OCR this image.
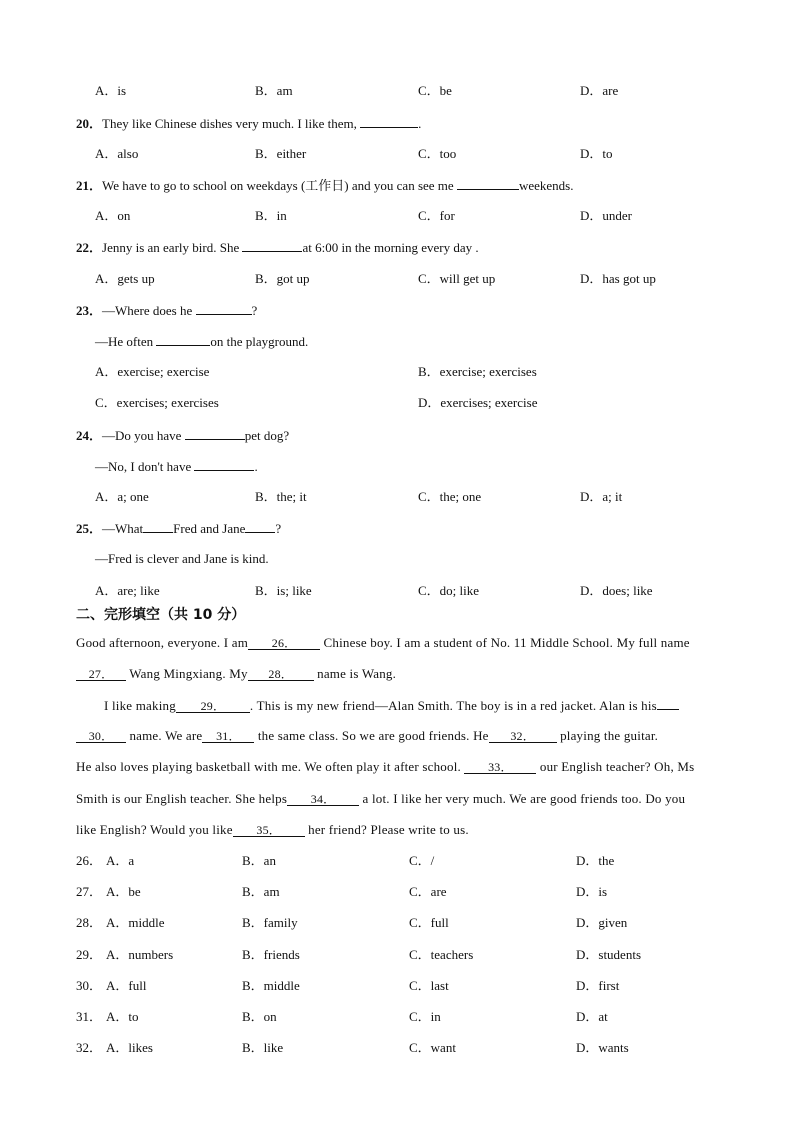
A．is	B．am	C．be	D．are
20．They like Chinese dishes very much. I like them,	.
A．also	B．either	C．too	D．to
21．We have to go to school on weekdays (工作日) and you can see me	weekends.
A．on	B．in	C．for	D．under
22．Jenny is an early bird. She	at 6:00 in the morning every day .
A．gets up	B．got up	C．will get up	D．has got up
23．—Where does he	?
—He often	on the playground.
A．exercise; exercise	B．exercise; exercises
C．exercises; exercises	D．exercises; exercise
24．—Do you have	pet dog?
—No, I don't have	.
A．a; one	B．the; it	C．the; one	D．a; it
25．—What Fred and Jane ?
—Fred is clever and Jane is kind.
A．are; like	B．is; like	C．do; like	D．does; like
二、完形填空（共 10 分）
Good afternoon, everyone. I am 26． Chinese boy. I am a student of No. 11 Middle School. My full name
27． Wang Mingxiang. My 28． name is Wang.
I like making 29． . This is my new friend—Alan Smith. The boy is in a red jacket. Alan is his
30． name. We are 31． the same class. So we are good friends. He 32． playing the guitar.
He also loves playing basketball with me. We often play it after school. 33． our English teacher? Oh, Ms
Smith is our English teacher. She helps 34． a lot. I like her very much. We are good friends too. Do you
like English? Would you like 35． her friend? Please write to us.
26． A．a	B．an	C．/	D．the
27． A．be	B．am	C．are	D．is
28． A．middle	B．family	C．full	D．given
29． A．numbers	B．friends	C．teachers	D．students
30． A．full	B．middle	C．last	D．first
31． A．to	B．on	C．in	D．at
32． A．likes	B．like	C．want	D．wants
